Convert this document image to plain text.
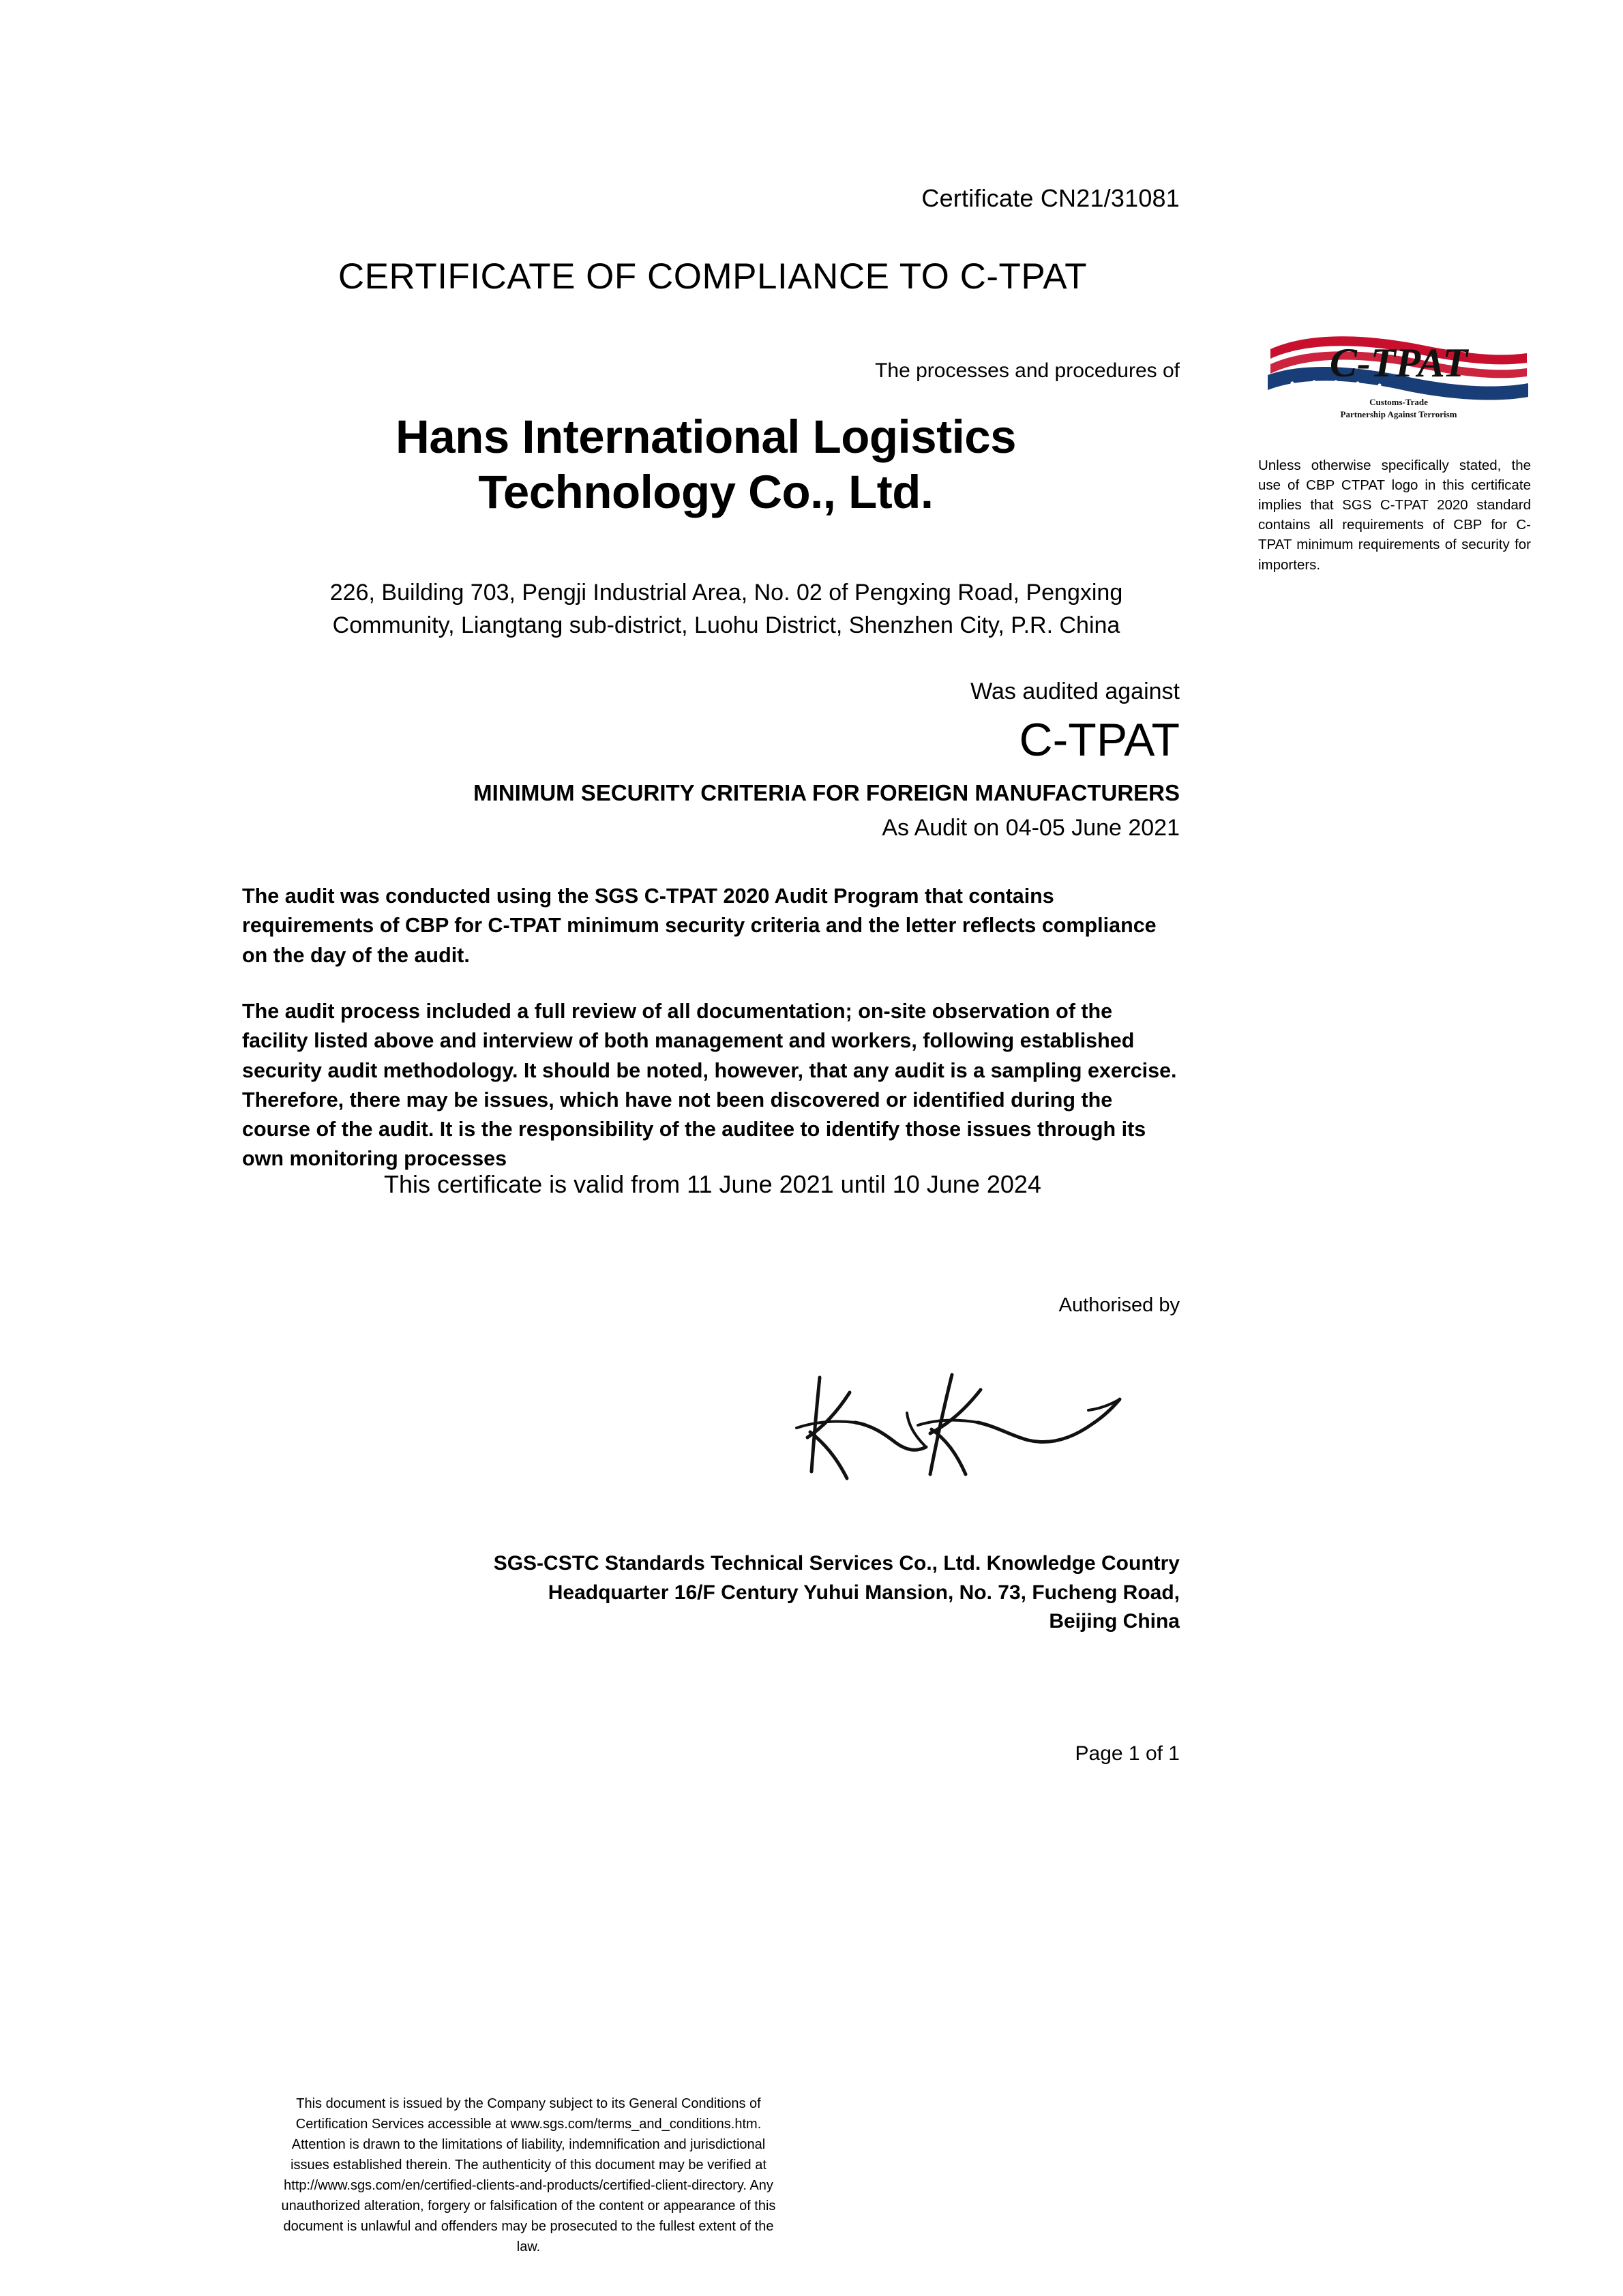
Certificate CN21/31081
CERTIFICATE OF COMPLIANCE TO C-TPAT
The processes and procedures of
Hans International Logistics
Technology Co., Ltd.
226, Building 703, Pengji Industrial Area, No. 02 of Pengxing Road, Pengxing Community, Liangtang sub-district, Luohu District, Shenzhen City, P.R. China
Was audited against
C-TPAT
MINIMUM SECURITY CRITERIA FOR FOREIGN MANUFACTURERS
As Audit on 04-05 June 2021
The audit was conducted using the SGS C-TPAT 2020 Audit Program that contains requirements of CBP for C-TPAT minimum security criteria and the letter reflects compliance on the day of the audit.
The audit process included a full review of all documentation; on-site observation of the facility listed above and interview of both management and workers, following established security audit methodology. It should be noted, however, that any audit is a sampling exercise. Therefore, there may be issues, which have not been discovered or identified during the course of the audit. It is the responsibility of the auditee to identify those issues through its own monitoring processes
This certificate is valid from 11 June 2021 until 10 June 2024
Authorised by
SGS-CSTC Standards Technical Services Co., Ltd. Knowledge Country Headquarter 16/F Century Yuhui Mansion, No. 73, Fucheng Road, Beijing China
Page 1 of 1
This document is issued by the Company subject to its General Conditions of Certification Services accessible at www.sgs.com/terms_and_conditions.htm. Attention is drawn to the limitations of liability, indemnification and jurisdictional issues established therein. The authenticity of this document may be verified at http://www.sgs.com/en/certified-clients-and-products/certified-client-directory. Any unauthorized alteration, forgery or falsification of the content or appearance of this document is unlawful and offenders may be prosecuted to the fullest extent of the law.
C-TPAT
Customs-Trade
Partnership Against Terrorism
Unless otherwise specifically stated, the use of CBP CTPAT logo in this certificate implies that SGS C-TPAT 2020 standard contains all requirements of CBP for C-TPAT minimum requirements of security for importers.
